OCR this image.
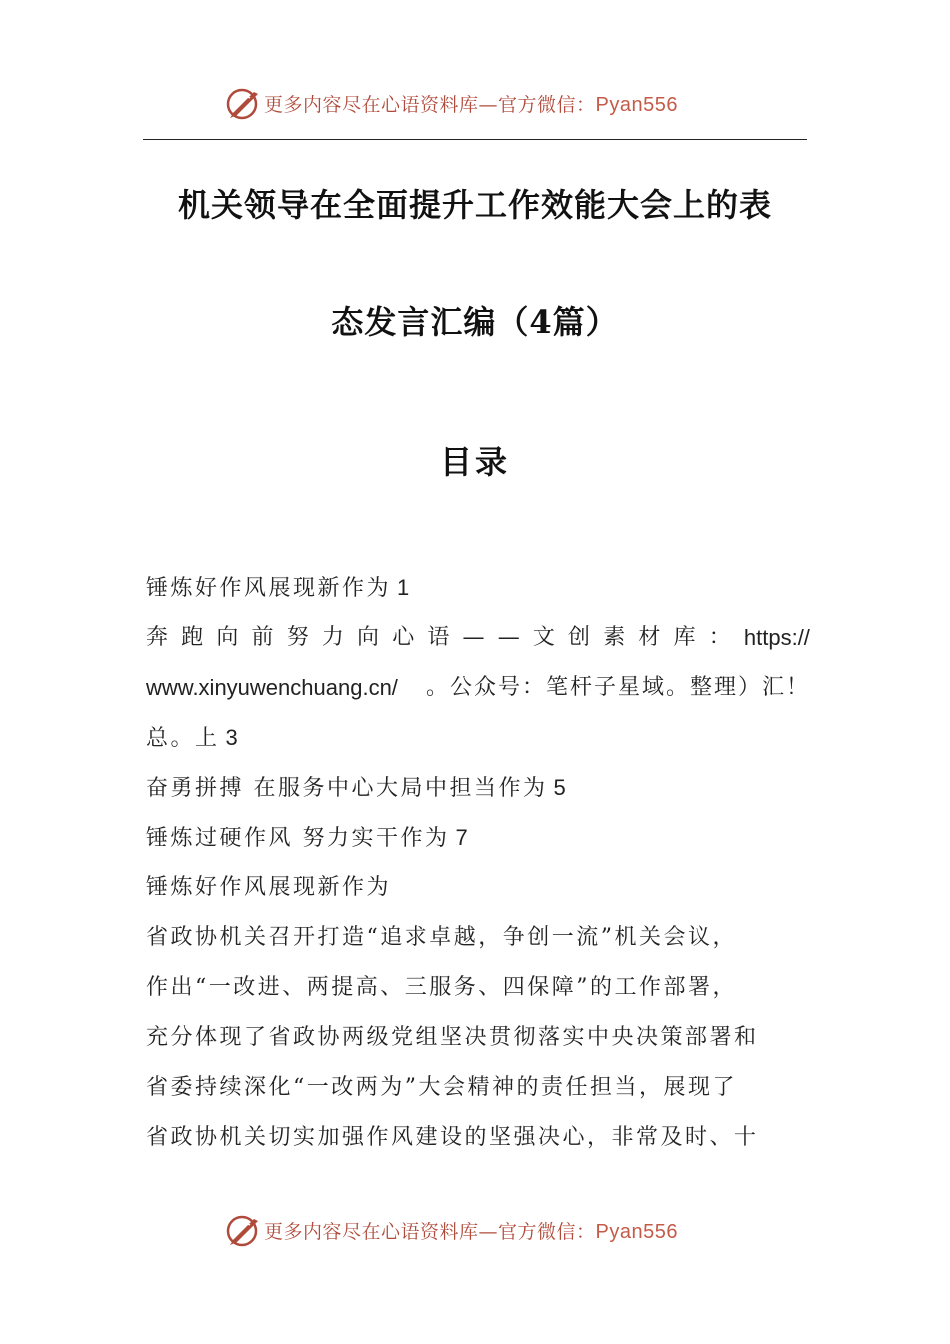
更多内容尽在心语资料库—官方微信：Pyan556
机关领导在全面提升工作效能大会上的表
态发言汇编（4篇）
目录
锤炼好作风展现新作为 1
奔 跑 向 前 努 力 向 心 语 — — 文 创 素 材 库 ： https://
www.xinyuwenchuang.cn/ 。公众号：笔杆子星域。整理）汇！
总。上 3
奋勇拼搏 在服务中心大局中担当作为 5
锤炼过硬作风 努力实干作为 7
锤炼好作风展现新作为
省政协机关召开打造“追求卓越，争创一流”机关会议，
作出“一改进、两提高、三服务、四保障”的工作部署，
充分体现了省政协两级党组坚决贯彻落实中央决策部署和
省委持续深化“一改两为”大会精神的责任担当，展现了
省政协机关切实加强作风建设的坚强决心，非常及时、十
更多内容尽在心语资料库—官方微信：Pyan556
